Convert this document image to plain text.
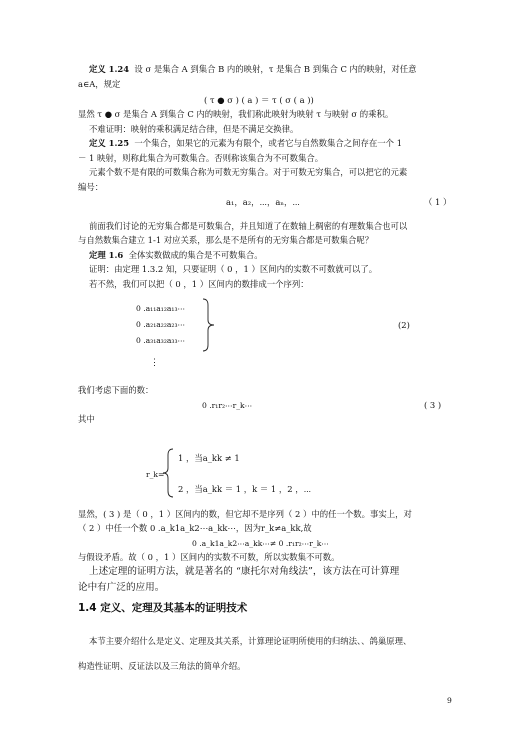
定义 1.24 设 σ 是集合 A 到集合 B 内的映射，τ 是集合 B 到集合 C 内的映射，对任意
a∈A，规定
( τ ● σ ) ( a ) ＝ τ ( σ ( a ))
显然 τ ● σ 是集合 A 到集合 C 内的映射，我们称此映射为映射 τ 与映射 σ 的乘积。
不难证明：映射的乘积满足结合律，但是不满足交换律。
定义 1.25 一个集合，如果它的元素为有限个，或者它与自然数集合之间存在一个 1
－ 1 映射，则称此集合为可数集合。否则称该集合为不可数集合。
元素个数不是有限的可数集合称为可数无穷集合。对于可数无穷集合，可以把它的元素
编号：
a₁，a₂，⋯，aₙ，⋯	（ 1 ）
前面我们讨论的无穷集合都是可数集合，并且知道了在数轴上稠密的有理数集合也可以
与自然数集合建立 1-1 对应关系，那么是不是所有的无穷集合都是可数集合呢？
定理 1.6 全体实数做成的集合是不可数集合。
证明：由定理 1.3.2 知，只要证明（ 0 ，1 ）区间内的实数不可数就可以了。
若不然，我们可以把（ 0 ，1 ）区间内的数排成一个序列：
0 .a₁₁a₁₂a₁₃⋯
0 .a₂₁a₂₂a₂₃⋯
0 .a₃₁a₃₂a₃₃⋯
(2)
⋮
我们考虑下面的数：
0 .r₁r₂⋯r_k⋯	( 3 )
其中
r_k=
1 ，当a_kk ≠ 1
2 ，当a_kk ＝ 1 ，k ＝ 1 ，2 ，⋯
显然，( 3 ) 是（ 0 ，1 ）区间内的数，但它却不是序列（ 2 ）中的任一个数。事实上，对
（ 2 ）中任一个数 0 .a_k1a_k2⋯a_kk⋯，因为r_k≠a_kk,故
0 .a_k1a_k2⋯a_kk⋯≠ 0 .r₁r₂⋯r_k⋯
与假设矛盾。故（ 0 ，1 ）区间内的实数不可数，所以实数集不可数。
上述定理的证明方法，就是著名的 “康托尔对角线法”，该方法在可计算理
论中有广泛的应用。
1.4 定义、定理及其基本的证明技术
本节主要介绍什么是定义、定理及其关系，计算理论证明所使用的归纳法、、鸽巢原理、
构造性证明、反证法以及三角法的简单介绍。
9
